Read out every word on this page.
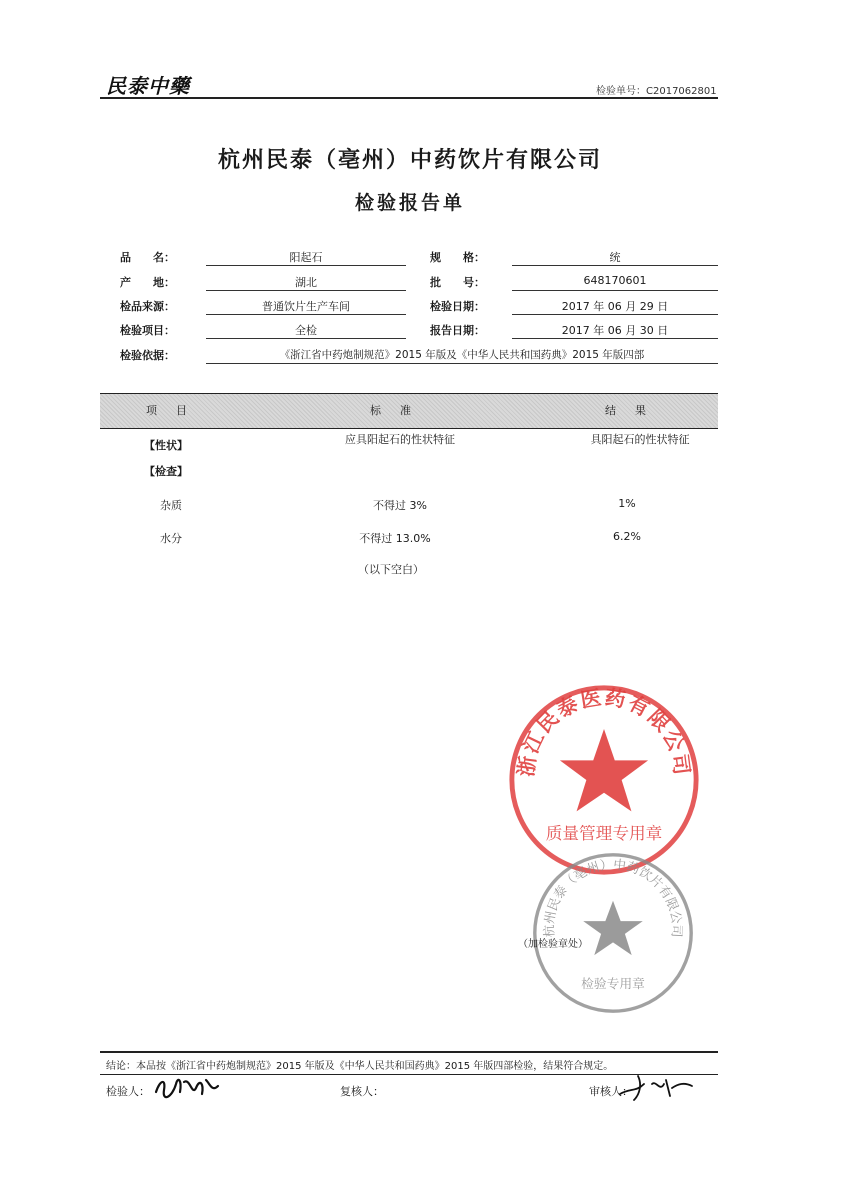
民泰中藥	检验单号：C2017062801
杭州民泰（亳州）中药饮片有限公司
检验报告单
品　　名：	阳起石	规　　格：	统
产　　地：	湖北	批　　号：	648170601
检品来源：	普通饮片生产车间	检验日期：	2017 年 06 月 29 日
检验项目：	全检	报告日期：	2017 年 06 月 30 日
检验依据：	《浙江省中药炮制规范》2015 年版及《中华人民共和国药典》2015 年版四部
项　目	标　准	结　果
【性状】	应具阳起石的性状特征	具阳起石的性状特征
【检查】
杂质	不得过 3%	1%
水分	不得过 13.0%	6.2%
（以下空白）
浙江民泰医药有限公司
质量管理专用章
杭州民泰（亳州）中药饮片有限公司
检验专用章
（加检验章处）
结论：本品按《浙江省中药炮制规范》2015 年版及《中华人民共和国药典》2015 年版四部检验，结果符合规定。
检验人：	复核人：	审核人：
